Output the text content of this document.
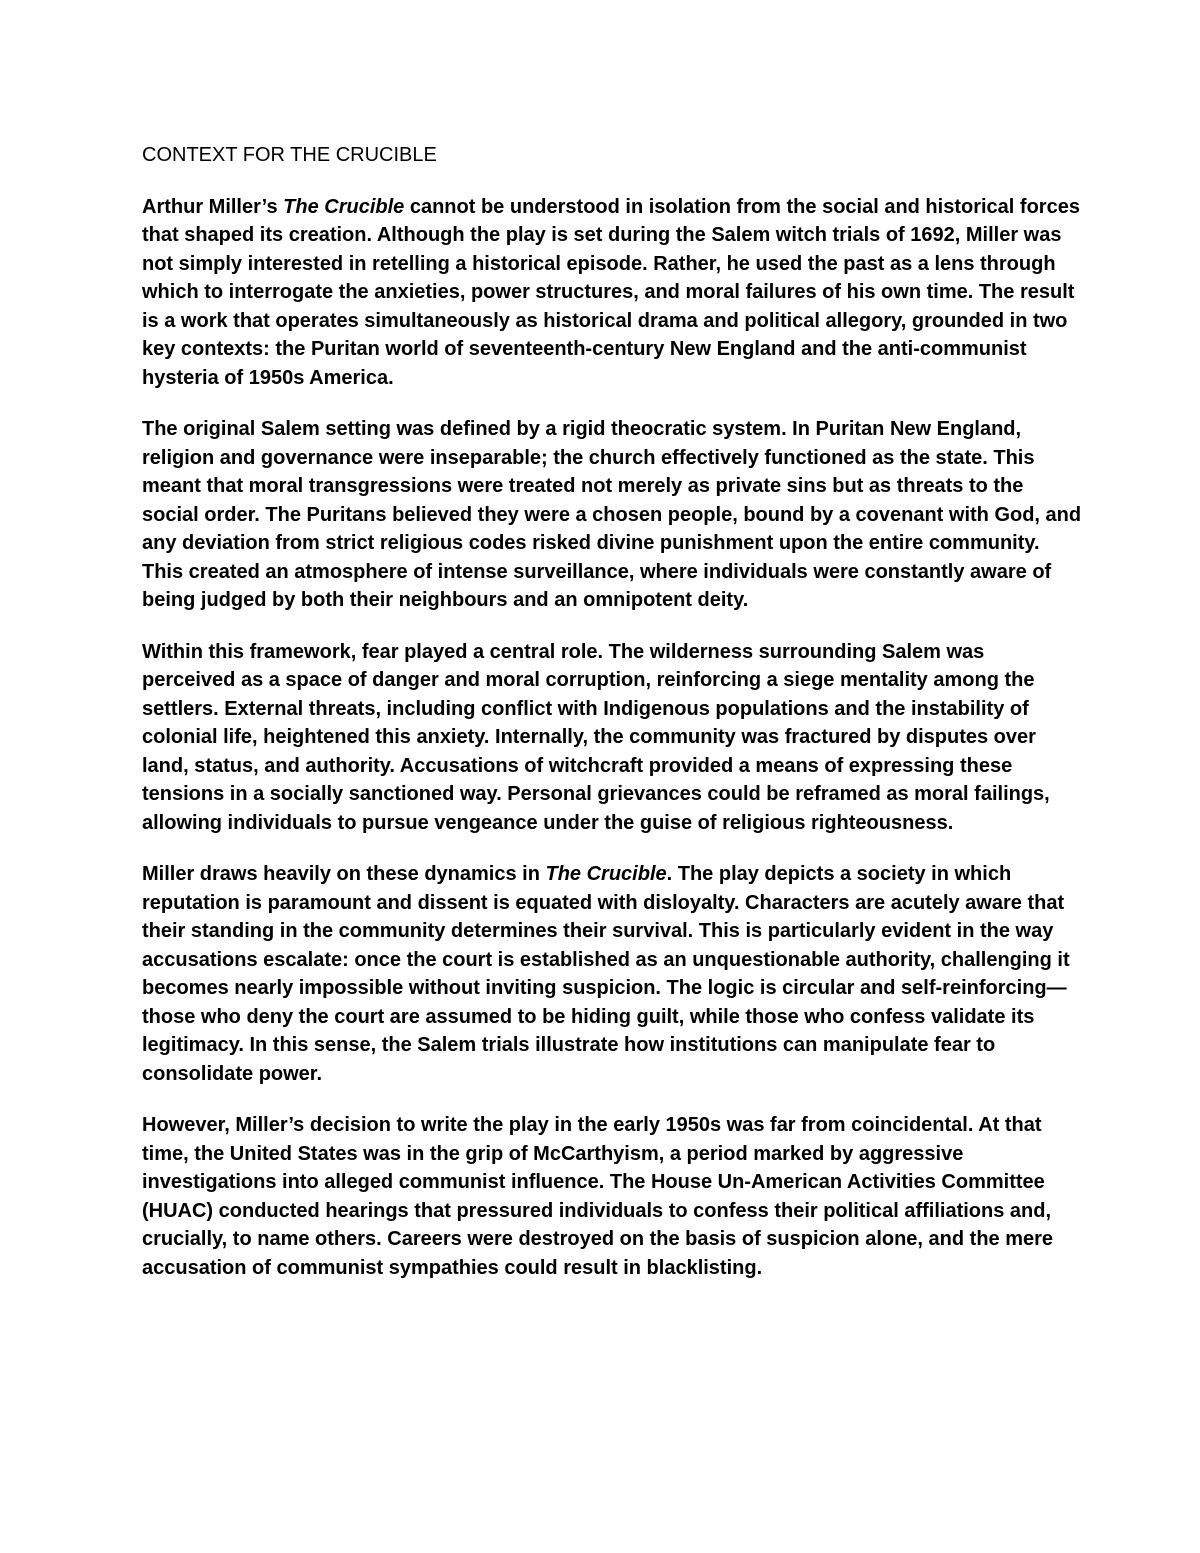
CONTEXT FOR THE CRUCIBLE

Arthur Miller’s The Crucible cannot be understood in isolation from the social and historical forces that shaped its creation. Although the play is set during the Salem witch trials of 1692, Miller was not simply interested in retelling a historical episode. Rather, he used the past as a lens through which to interrogate the anxieties, power structures, and moral failures of his own time. The result is a work that operates simultaneously as historical drama and political allegory, grounded in two key contexts: the Puritan world of seventeenth-century New England and the anti-communist hysteria of 1950s America.

The original Salem setting was defined by a rigid theocratic system. In Puritan New England, religion and governance were inseparable; the church effectively functioned as the state. This meant that moral transgressions were treated not merely as private sins but as threats to the social order. The Puritans believed they were a chosen people, bound by a covenant with God, and any deviation from strict religious codes risked divine punishment upon the entire community. This created an atmosphere of intense surveillance, where individuals were constantly aware of being judged by both their neighbours and an omnipotent deity.

Within this framework, fear played a central role. The wilderness surrounding Salem was perceived as a space of danger and moral corruption, reinforcing a siege mentality among the settlers. External threats, including conflict with Indigenous populations and the instability of colonial life, heightened this anxiety. Internally, the community was fractured by disputes over land, status, and authority. Accusations of witchcraft provided a means of expressing these tensions in a socially sanctioned way. Personal grievances could be reframed as moral failings, allowing individuals to pursue vengeance under the guise of religious righteousness.

Miller draws heavily on these dynamics in The Crucible. The play depicts a society in which reputation is paramount and dissent is equated with disloyalty. Characters are acutely aware that their standing in the community determines their survival. This is particularly evident in the way accusations escalate: once the court is established as an unquestionable authority, challenging it becomes nearly impossible without inviting suspicion. The logic is circular and self-reinforcing—those who deny the court are assumed to be hiding guilt, while those who confess validate its legitimacy. In this sense, the Salem trials illustrate how institutions can manipulate fear to consolidate power.

However, Miller’s decision to write the play in the early 1950s was far from coincidental. At that time, the United States was in the grip of McCarthyism, a period marked by aggressive investigations into alleged communist influence. The House Un-American Activities Committee (HUAC) conducted hearings that pressured individuals to confess their political affiliations and, crucially, to name others. Careers were destroyed on the basis of suspicion alone, and the mere accusation of communist sympathies could result in blacklisting.
